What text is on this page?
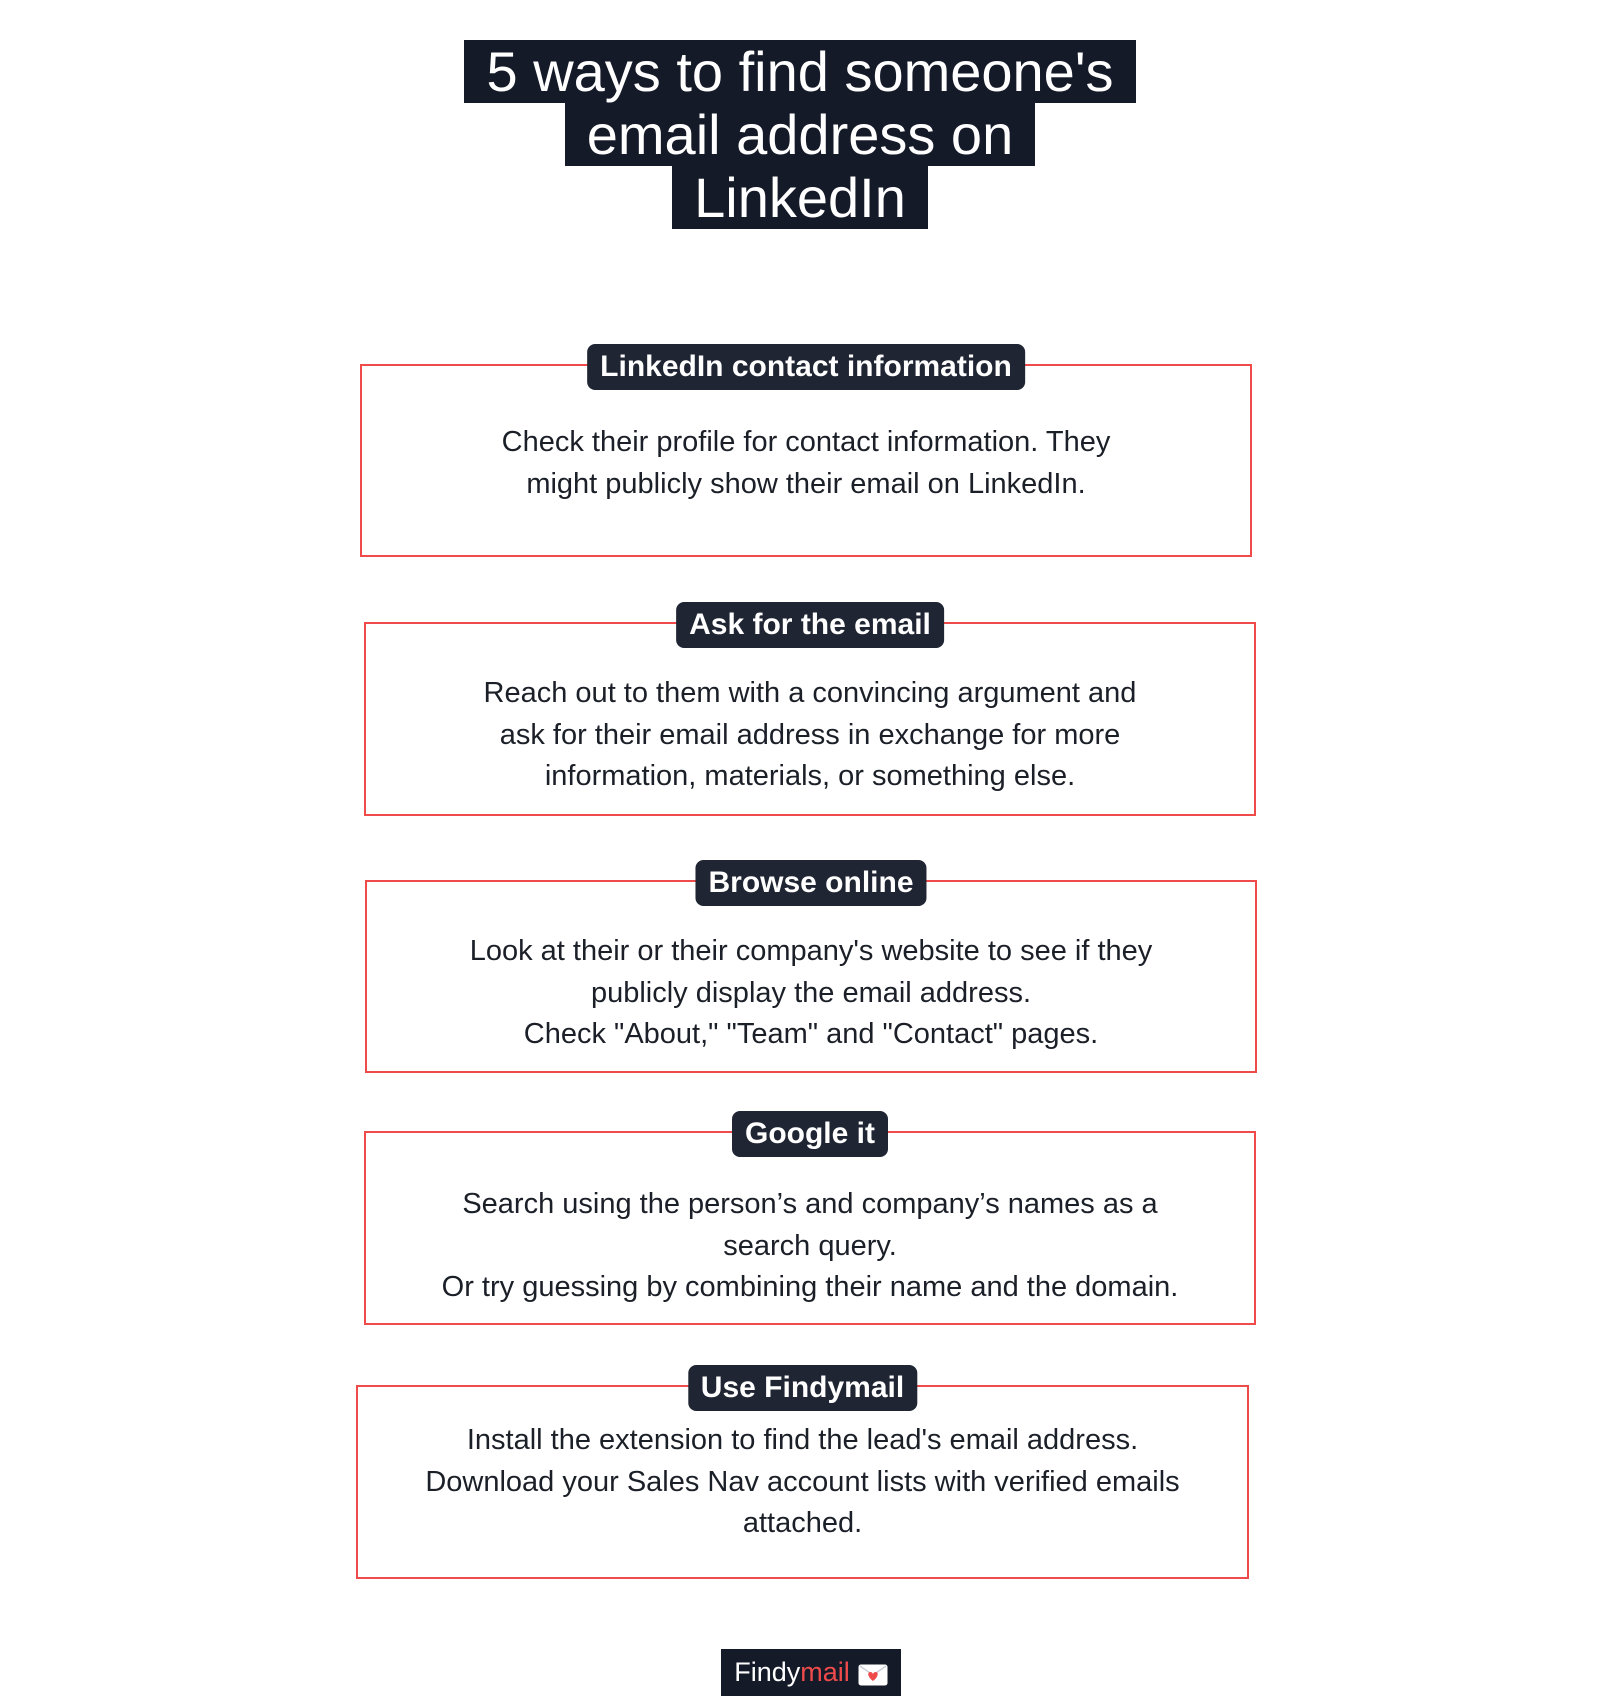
5 ways to find someone's
email address on
LinkedIn
LinkedIn contact information
Check their profile for contact information. They
might publicly show their email on LinkedIn.
Ask for the email
Reach out to them with a convincing argument and
ask for their email address in exchange for more
information, materials, or something else.
Browse online
Look at their or their company's website to see if they
publicly display the email address.
Check "About," "Team" and "Contact" pages.
Google it
Search using the person’s and company’s names as a
search query.
Or try guessing by combining their name and the domain.
Use Findymail
Install the extension to find the lead's email address.
Download your Sales Nav account lists with verified emails
attached.
Findymail
